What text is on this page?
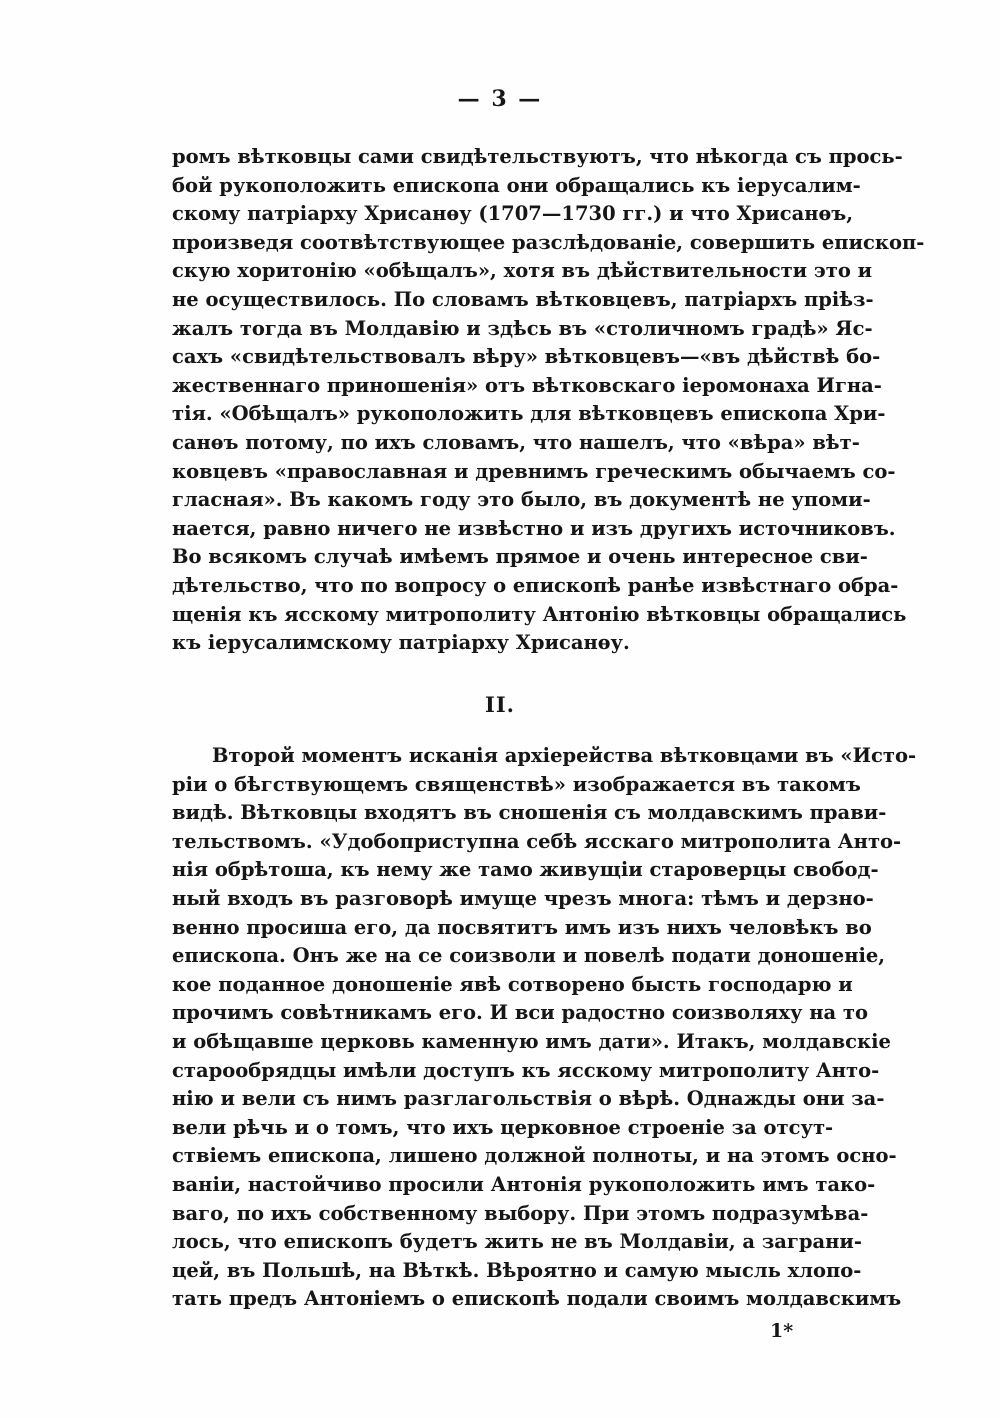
— 3 —
ромъ вѣтковцы сами свидѣтельствуютъ, что нѣкогда съ прось-
бой рукоположить епископа они обращались къ іерусалим-
скому патріарху Хрисанѳу (1707—1730 гг.) и что Хрисанѳъ,
произведя соотвѣтствующее разслѣдованіе, совершить епископ-
скую хоритонію «обѣщалъ», хотя въ дѣйствительности это и
не осуществилось. По словамъ вѣтковцевъ, патріархъ пріѣз-
жалъ тогда въ Молдавію и здѣсь въ «столичномъ градѣ» Яс-
сахъ «свидѣтельствовалъ вѣру» вѣтковцевъ—«въ дѣйствѣ бо-
жественнаго приношенія» отъ вѣтковскаго іеромонаха Игна-
тія. «Обѣщалъ» рукоположить для вѣтковцевъ епископа Хри-
санѳъ потому, по ихъ словамъ, что нашелъ, что «вѣра» вѣт-
ковцевъ «православная и древнимъ греческимъ обычаемъ со-
гласная». Въ какомъ году это было, въ документѣ не упоми-
нается, равно ничего не извѣстно и изъ другихъ источниковъ.
Во всякомъ случаѣ имѣемъ прямое и очень интересное сви-
дѣтельство, что по вопросу о епископѣ ранѣе извѣстнаго обра-
щенія къ ясскому митрополиту Антонію вѣтковцы обращались
къ іерусалимскому патріарху Хрисанѳу.
II.
Второй моментъ исканія архіерейства вѣтковцами въ «Исто-
ріи о бѣгствующемъ священствѣ» изображается въ такомъ
видѣ. Вѣтковцы входятъ въ сношенія съ молдавскимъ прави-
тельствомъ. «Удобоприступна себѣ ясскаго митрополита Анто-
нія обрѣтоша, къ нему же тамо живущіи староверцы свобод-
ный входъ въ разговорѣ имуще чрезъ многа: тѣмъ и дерзно-
венно просиша его, да посвятитъ имъ изъ нихъ человѣкъ во
епископа. Онъ же на се соизволи и повелѣ подати доношеніе,
кое поданное доношеніе явѣ сотворено бысть господарю и
прочимъ совѣтникамъ его. И вси радостно соизволяху на то
и обѣщавше церковь каменную имъ дати». Итакъ, молдавскіе
старообрядцы имѣли доступъ къ ясскому митрополиту Анто-
нію и вели съ нимъ разглагольствія о вѣрѣ. Однажды они за-
вели рѣчь и о томъ, что ихъ церковное строеніе за отсут-
ствіемъ епископа, лишено должной полноты, и на этомъ осно-
ваніи, настойчиво просили Антонія рукоположить имъ тако-
ваго, по ихъ собственному выбору. При этомъ подразумѣва-
лось, что епископъ будетъ жить не въ Молдавіи, а заграни-
цей, въ Польшѣ, на Вѣткѣ. Вѣроятно и самую мысль хлопо-
тать предъ Антоніемъ о епископѣ подали своимъ молдавскимъ
1*
